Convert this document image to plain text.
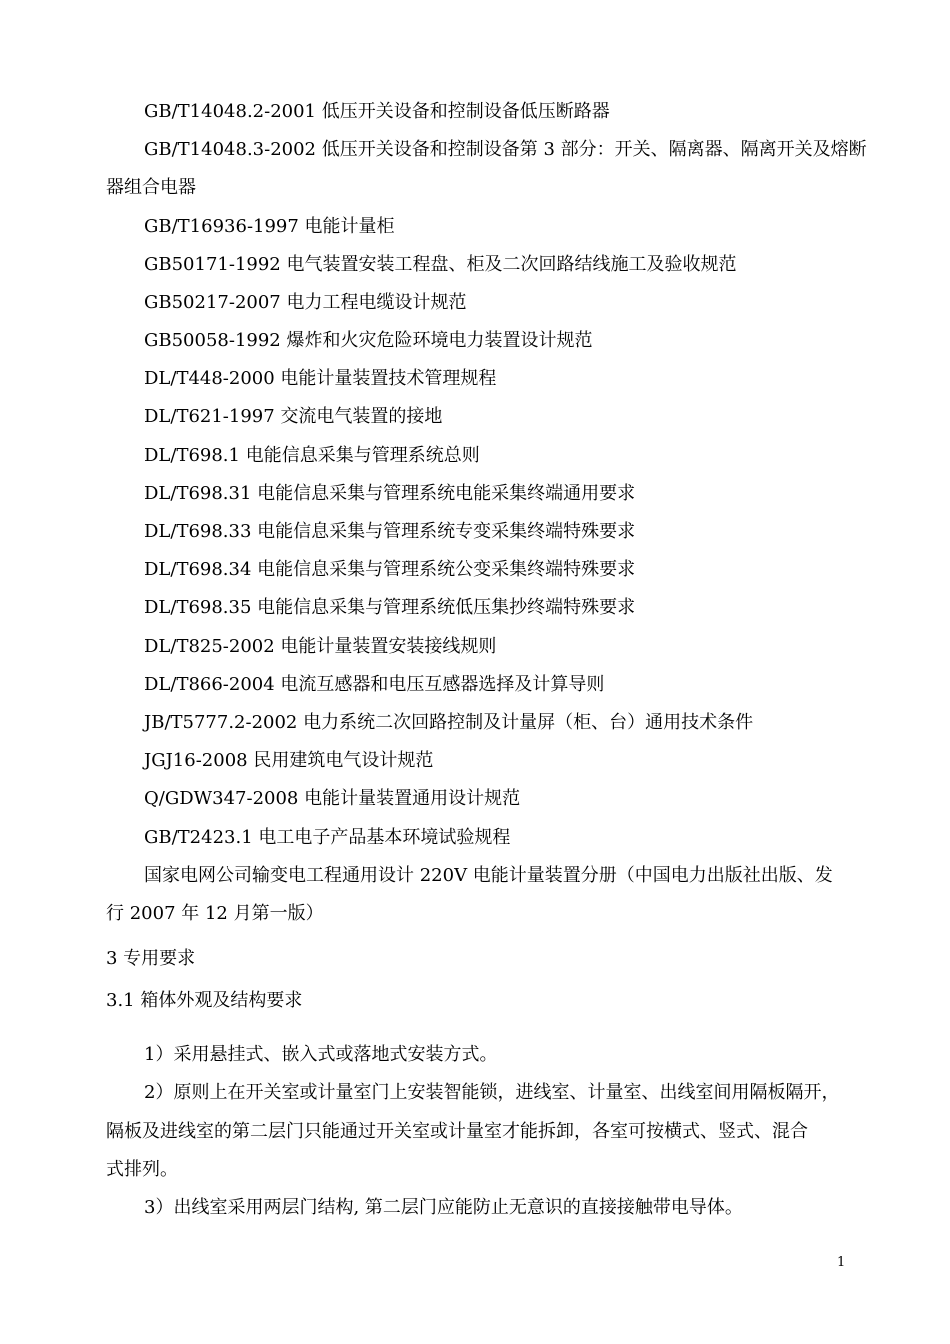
GB/T14048.2-2001 低压开关设备和控制设备低压断路器
GB/T14048.3-2002 低压开关设备和控制设备第 3 部分：开关、隔离器、隔离开关及熔断
器组合电器
GB/T16936-1997 电能计量柜
GB50171-1992 电气装置安装工程盘、柜及二次回路结线施工及验收规范
GB50217-2007 电力工程电缆设计规范
GB50058-1992 爆炸和火灾危险环境电力装置设计规范
DL/T448-2000 电能计量装置技术管理规程
DL/T621-1997 交流电气装置的接地
DL/T698.1 电能信息采集与管理系统总则
DL/T698.31 电能信息采集与管理系统电能采集终端通用要求
DL/T698.33 电能信息采集与管理系统专变采集终端特殊要求
DL/T698.34 电能信息采集与管理系统公变采集终端特殊要求
DL/T698.35 电能信息采集与管理系统低压集抄终端特殊要求
DL/T825-2002 电能计量装置安装接线规则
DL/T866-2004 电流互感器和电压互感器选择及计算导则
JB/T5777.2-2002 电力系统二次回路控制及计量屏（柜、台）通用技术条件
JGJ16-2008 民用建筑电气设计规范
Q/GDW347-2008 电能计量装置通用设计规范
GB/T2423.1 电工电子产品基本环境试验规程
国家电网公司输变电工程通用设计 220V 电能计量装置分册（中国电力出版社出版、发
行 2007 年 12 月第一版）
3 专用要求
3.1 箱体外观及结构要求
1）采用悬挂式、嵌入式或落地式安装方式。
2）原则上在开关室或计量室门上安装智能锁，进线室、计量室、出线室间用隔板隔开，
隔板及进线室的第二层门只能通过开关室或计量室才能拆卸，各室可按横式、竖式、混合
式排列。
3）出线室采用两层门结构, 第二层门应能防止无意识的直接接触带电导体。
1
